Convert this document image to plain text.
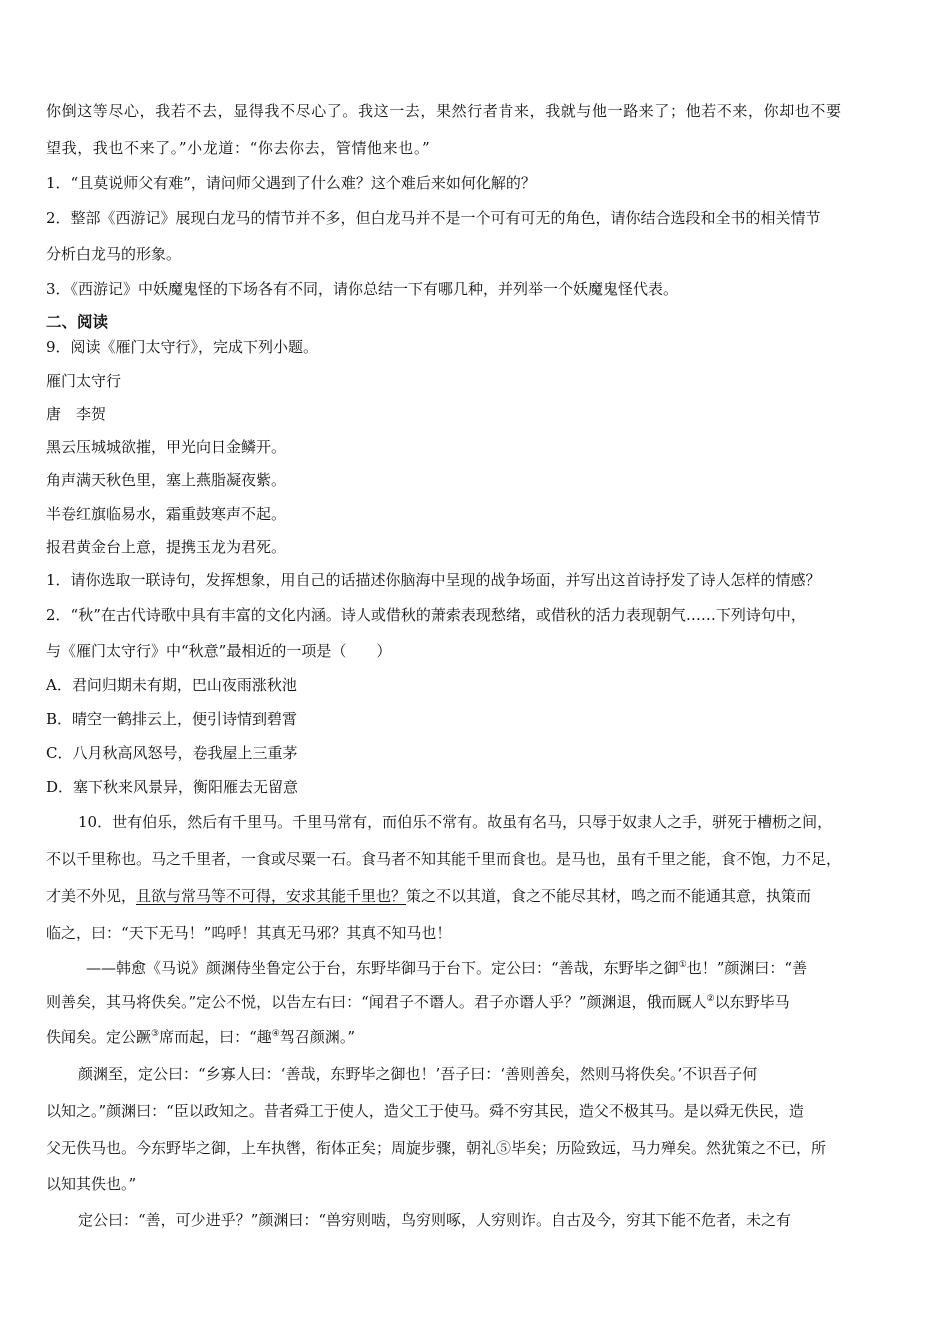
你倒这等尽心，我若不去，显得我不尽心了。我这一去，果然行者肯来，我就与他一路来了；他若不来，你却也不要
望我，我也不来了。”小龙道：“你去你去，管情他来也。”
1．“且莫说师父有难”，请问师父遇到了什么难？这个难后来如何化解的？
2．整部《西游记》展现白龙马的情节并不多，但白龙马并不是一个可有可无的角色，请你结合选段和全书的相关情节
分析白龙马的形象。
3．《西游记》中妖魔鬼怪的下场各有不同，请你总结一下有哪几种，并列举一个妖魔鬼怪代表。
二、阅读
9．阅读《雁门太守行》，完成下列小题。
雁门太守行
唐　李贺
黑云压城城欲摧，甲光向日金鳞开。
角声满天秋色里，塞上燕脂凝夜紫。
半卷红旗临易水，霜重鼓寒声不起。
报君黄金台上意，提携玉龙为君死。
1．请你选取一联诗句，发挥想象，用自己的话描述你脑海中呈现的战争场面，并写出这首诗抒发了诗人怎样的情感？
2．“秋”在古代诗歌中具有丰富的文化内涵。诗人或借秋的萧索表现愁绪，或借秋的活力表现朝气……下列诗句中，
与《雁门太守行》中“秋意”最相近的一项是（　　）
A．君问归期未有期，巴山夜雨涨秋池
B．晴空一鹤排云上，便引诗情到碧霄
C．八月秋高风怒号，卷我屋上三重茅
D．塞下秋来风景异，衡阳雁去无留意
10．世有伯乐，然后有千里马。千里马常有，而伯乐不常有。故虽有名马，只辱于奴隶人之手，骈死于槽枥之间，
不以千里称也。马之千里者，一食或尽粟一石。食马者不知其能千里而食也。是马也，虽有千里之能，食不饱，力不足，
才美不外见，且欲与常马等不可得，安求其能千里也？策之不以其道，食之不能尽其材，鸣之而不能通其意，执策而
临之，曰：“天下无马！”呜呼！其真无马邪？其真不知马也！
——韩愈《马说》颜渊侍坐鲁定公于台，东野毕御马于台下。定公曰：“善哉，东野毕之御①也！”颜渊曰：“善
则善矣，其马将佚矣。”定公不悦，以告左右曰：“闻君子不谮人。君子亦谮人乎？”颜渊退，俄而厩人②以东野毕马
佚闻矣。定公蹶③席而起，曰：“趣④驾召颜渊。”
颜渊至，定公曰：“乡寡人曰：‘善哉，东野毕之御也！’吾子曰：‘善则善矣，然则马将佚矣。’不识吾子何
以知之。”颜渊曰：“臣以政知之。昔者舜工于使人，造父工于使马。舜不穷其民，造父不极其马。是以舜无佚民，造
父无佚马也。今东野毕之御，上车执辔，衔体正矣；周旋步骤，朝礼⑤毕矣；历险致远，马力殚矣。然犹策之不已，所
以知其佚也。”
定公曰：“善，可少进乎？”颜渊曰：“兽穷则啮，鸟穷则啄，人穷则诈。自古及今，穷其下能不危者，未之有
